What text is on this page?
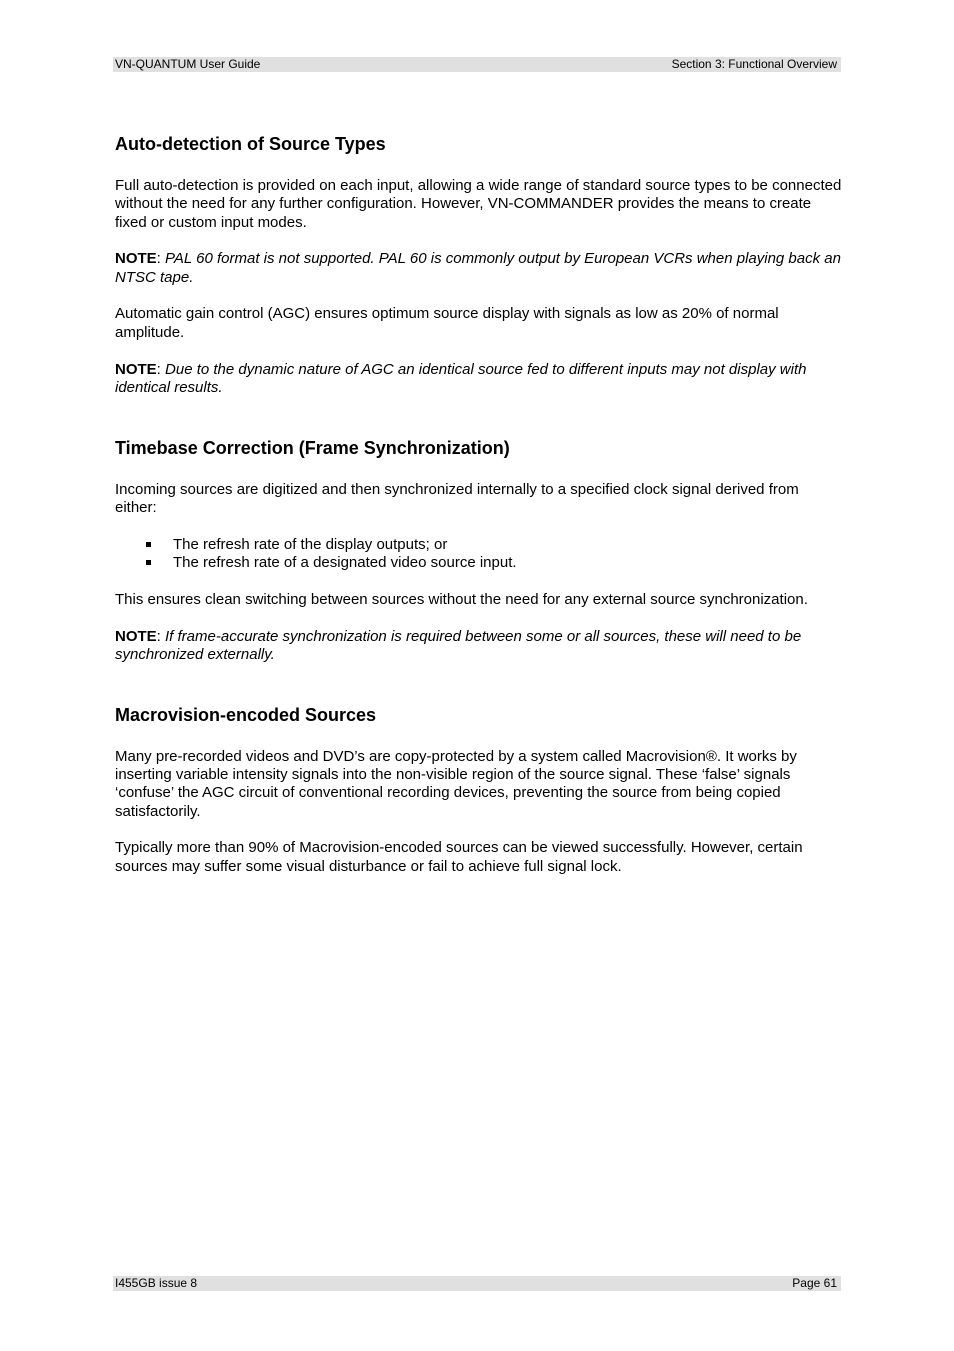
VN-QUANTUM User Guide	Section 3: Functional Overview
Auto-detection of Source Types

Full auto-detection is provided on each input, allowing a wide range of standard source types to be connected without the need for any further configuration. However, VN-COMMANDER provides the means to create fixed or custom input modes.

NOTE: PAL 60 format is not supported. PAL 60 is commonly output by European VCRs when playing back an NTSC tape.

Automatic gain control (AGC) ensures optimum source display with signals as low as 20% of normal amplitude.

NOTE: Due to the dynamic nature of AGC an identical source fed to different inputs may not display with identical results.

Timebase Correction (Frame Synchronization)

Incoming sources are digitized and then synchronized internally to a specified clock signal derived from either:

The refresh rate of the display outputs; or
The refresh rate of a designated video source input.

This ensures clean switching between sources without the need for any external source synchronization.

NOTE: If frame-accurate synchronization is required between some or all sources, these will need to be synchronized externally.

Macrovision-encoded Sources

Many pre-recorded videos and DVD’s are copy-protected by a system called Macrovision®. It works by inserting variable intensity signals into the non-visible region of the source signal. These ‘false’ signals ‘confuse’ the AGC circuit of conventional recording devices, preventing the source from being copied satisfactorily.

Typically more than 90% of Macrovision-encoded sources can be viewed successfully. However, certain sources may suffer some visual disturbance or fail to achieve full signal lock.

I455GB issue 8	Page 61
